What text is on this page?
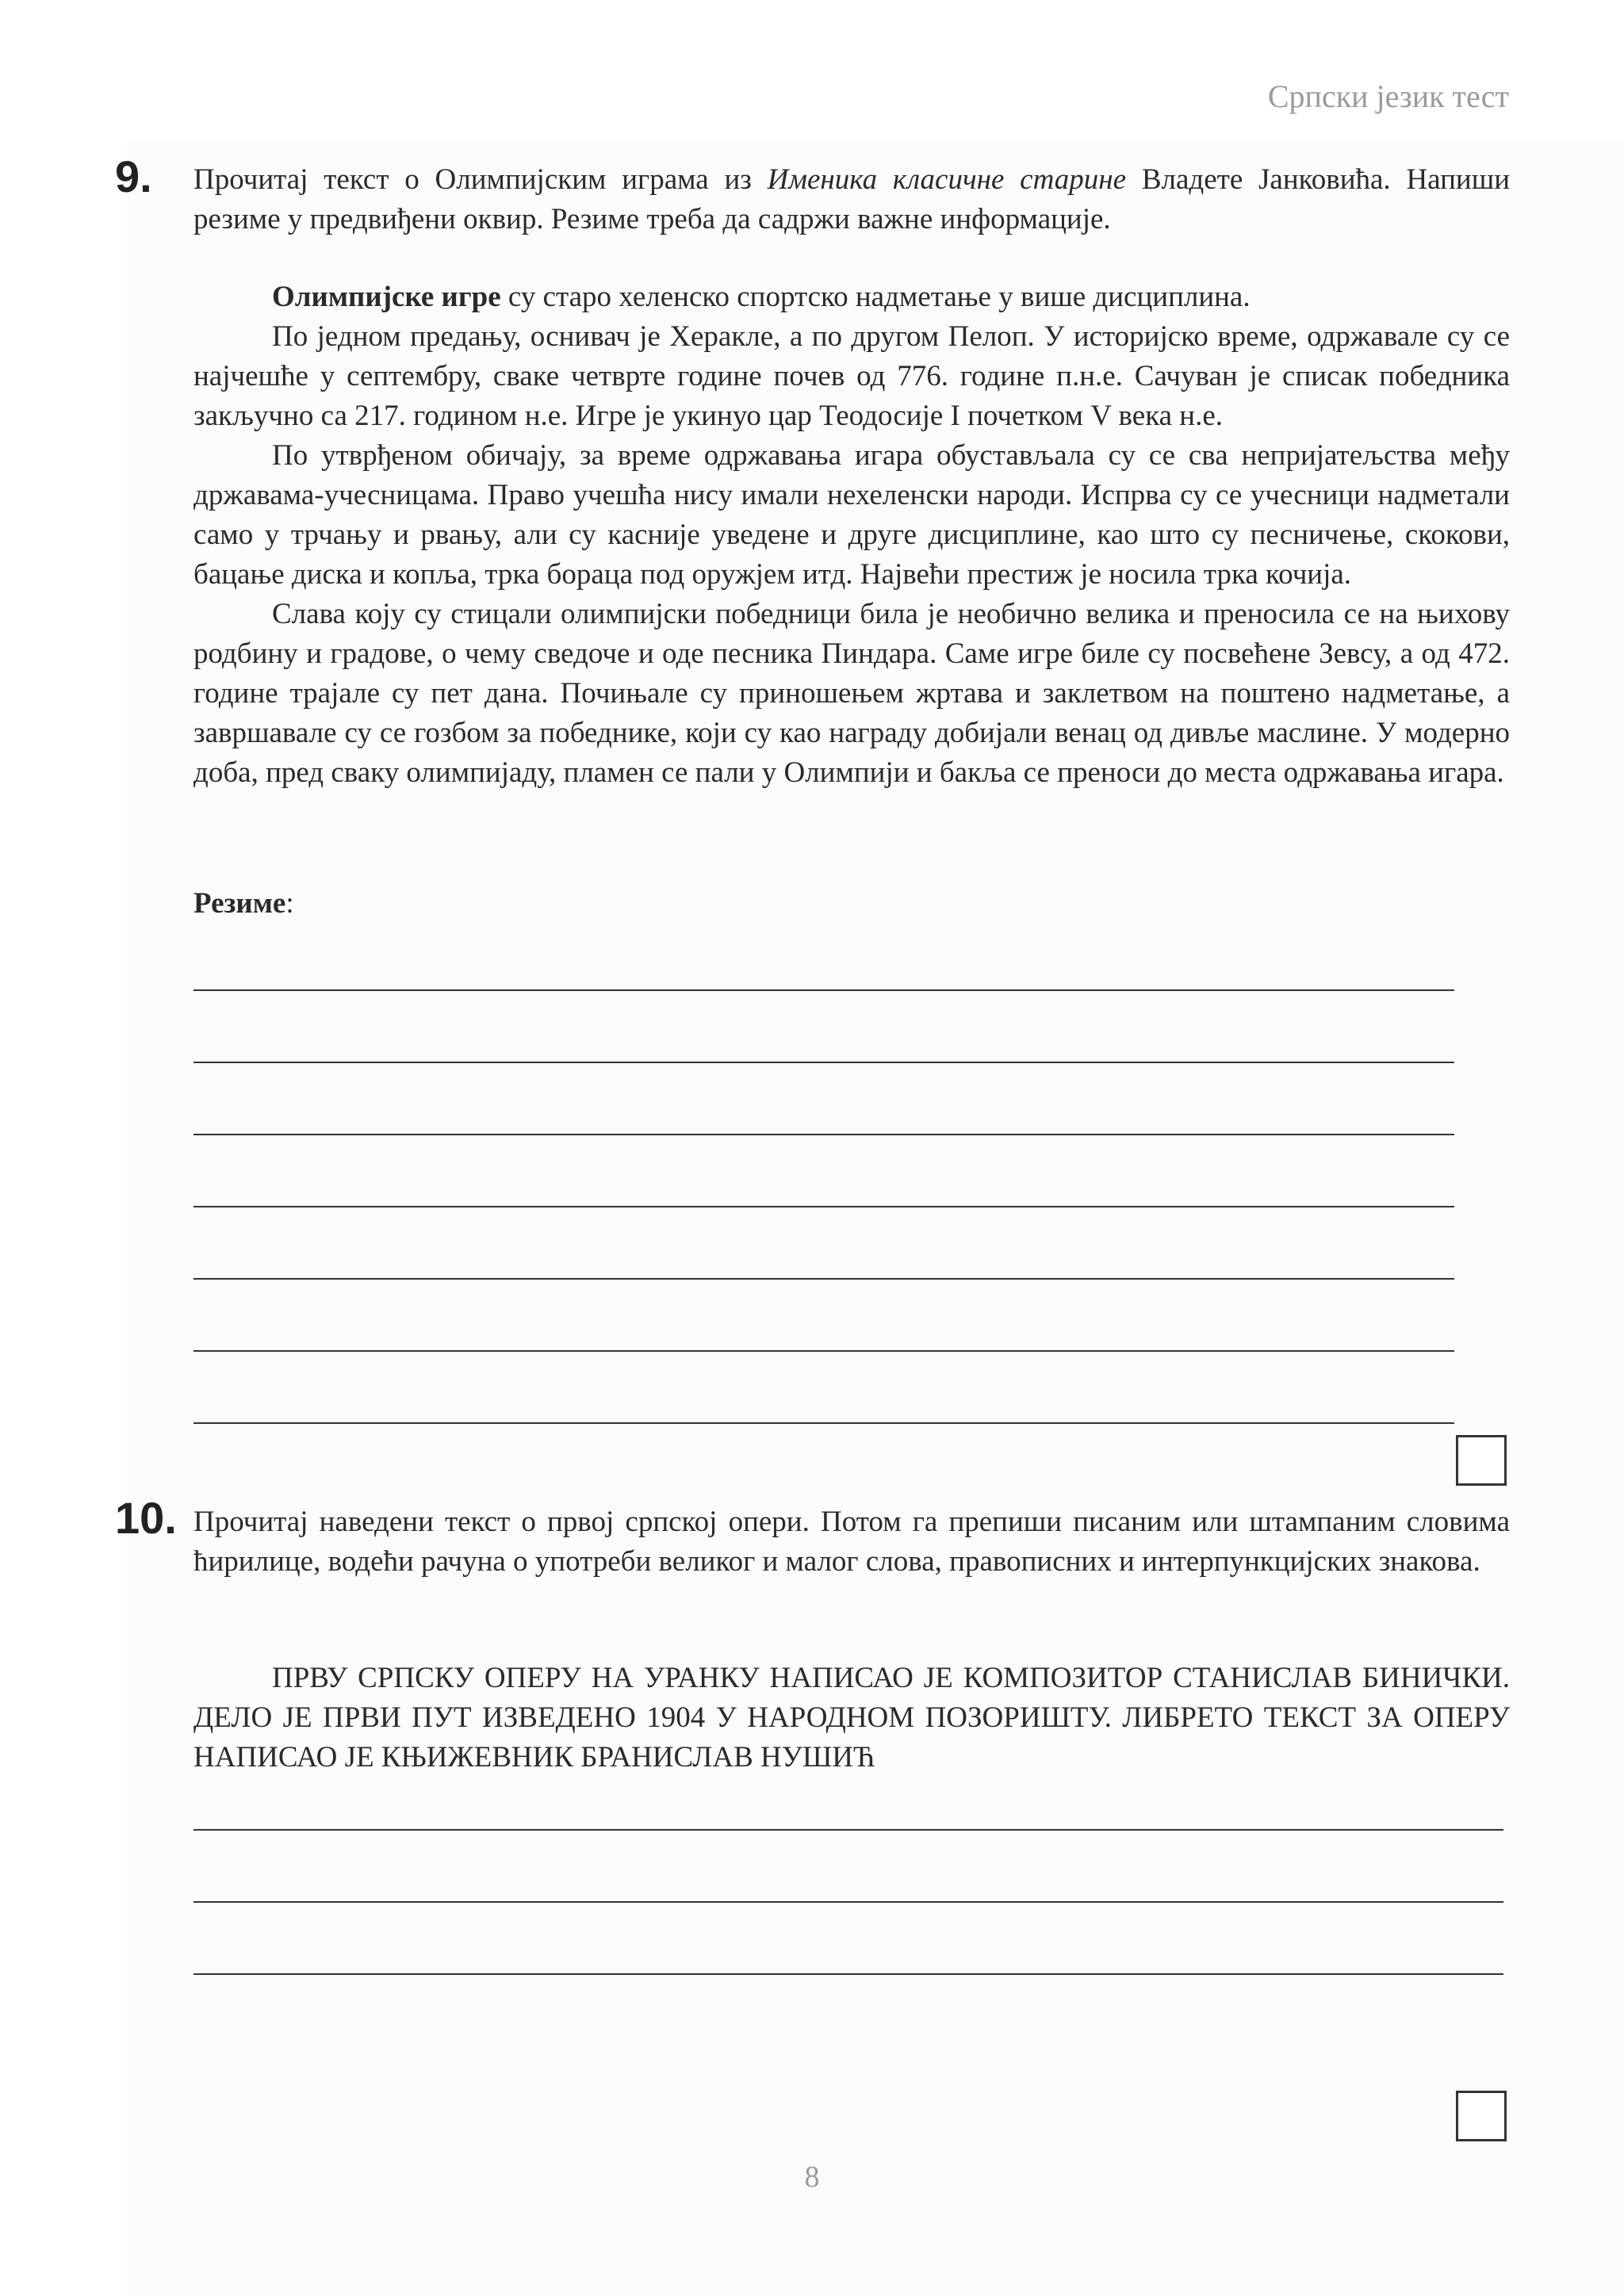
Српски језик тест
9. Прочитај текст о Олимпијским играма из Именика класичне старине Владете Јанковића. Напиши резиме у предвиђени оквир. Резиме треба да садржи важне информације.

Олимпијске игре су старо хеленско спортско надметање у више дисциплина.

По једном предању, оснивач је Херакле, а по другом Пелоп. У историјско време, одржавале су се најчешће у септембру, сваке четврте године почев од 776. године п.н.е. Сачуван је списак победника закључно са 217. годином н.е. Игре је укинуо цар Теодосије I почетком V века н.е.

По утврђеном обичају, за време одржавања игара обустављала су се сва непријатељства међу државама-учесницама. Право учешћа нису имали нехеленски народи. Испрва су се учесници надметали само у трчању и рвању, али су касније уведене и друге дисциплине, као што су песничење, скокови, бацање диска и копља, трка бораца под оружјем итд. Највећи престиж је носила трка кочија.

Слава коју су стицали олимпијски победници била је необично велика и преносила се на њихову родбину и градове, о чему сведоче и оде песника Пиндара. Саме игре биле су посвећене Зевсу, а од 472. године трајале су пет дана. Почињале су приношењем жртава и заклетвом на поштено надметање, а завршавале су се гозбом за победнике, који су као награду добијали венац од дивље маслине. У модерно доба, пред сваку олимпијаду, пламен се пали у Олимпији и бакља се преноси до места одржавања игара.

Резиме:
10. Прочитај наведени текст о првој српској опери. Потом га препиши писаним или штампаним словима ћирилице, водећи рачуна о употреби великог и малог слова, правописних и интерпункцијских знакова.

ПРВУ СРПСКУ ОПЕРУ НА УРАНКУ НАПИСАО ЈЕ КОМПОЗИТОР СТАНИСЛАВ БИНИЧКИ. ДЕЛО ЈЕ ПРВИ ПУТ ИЗВЕДЕНО 1904 У НАРОДНОМ ПОЗОРИШТУ. ЛИБРЕТО ТЕКСТ ЗА ОПЕРУ НАПИСАО ЈЕ КЊИЖЕВНИК БРАНИСЛАВ НУШИЋ

8
